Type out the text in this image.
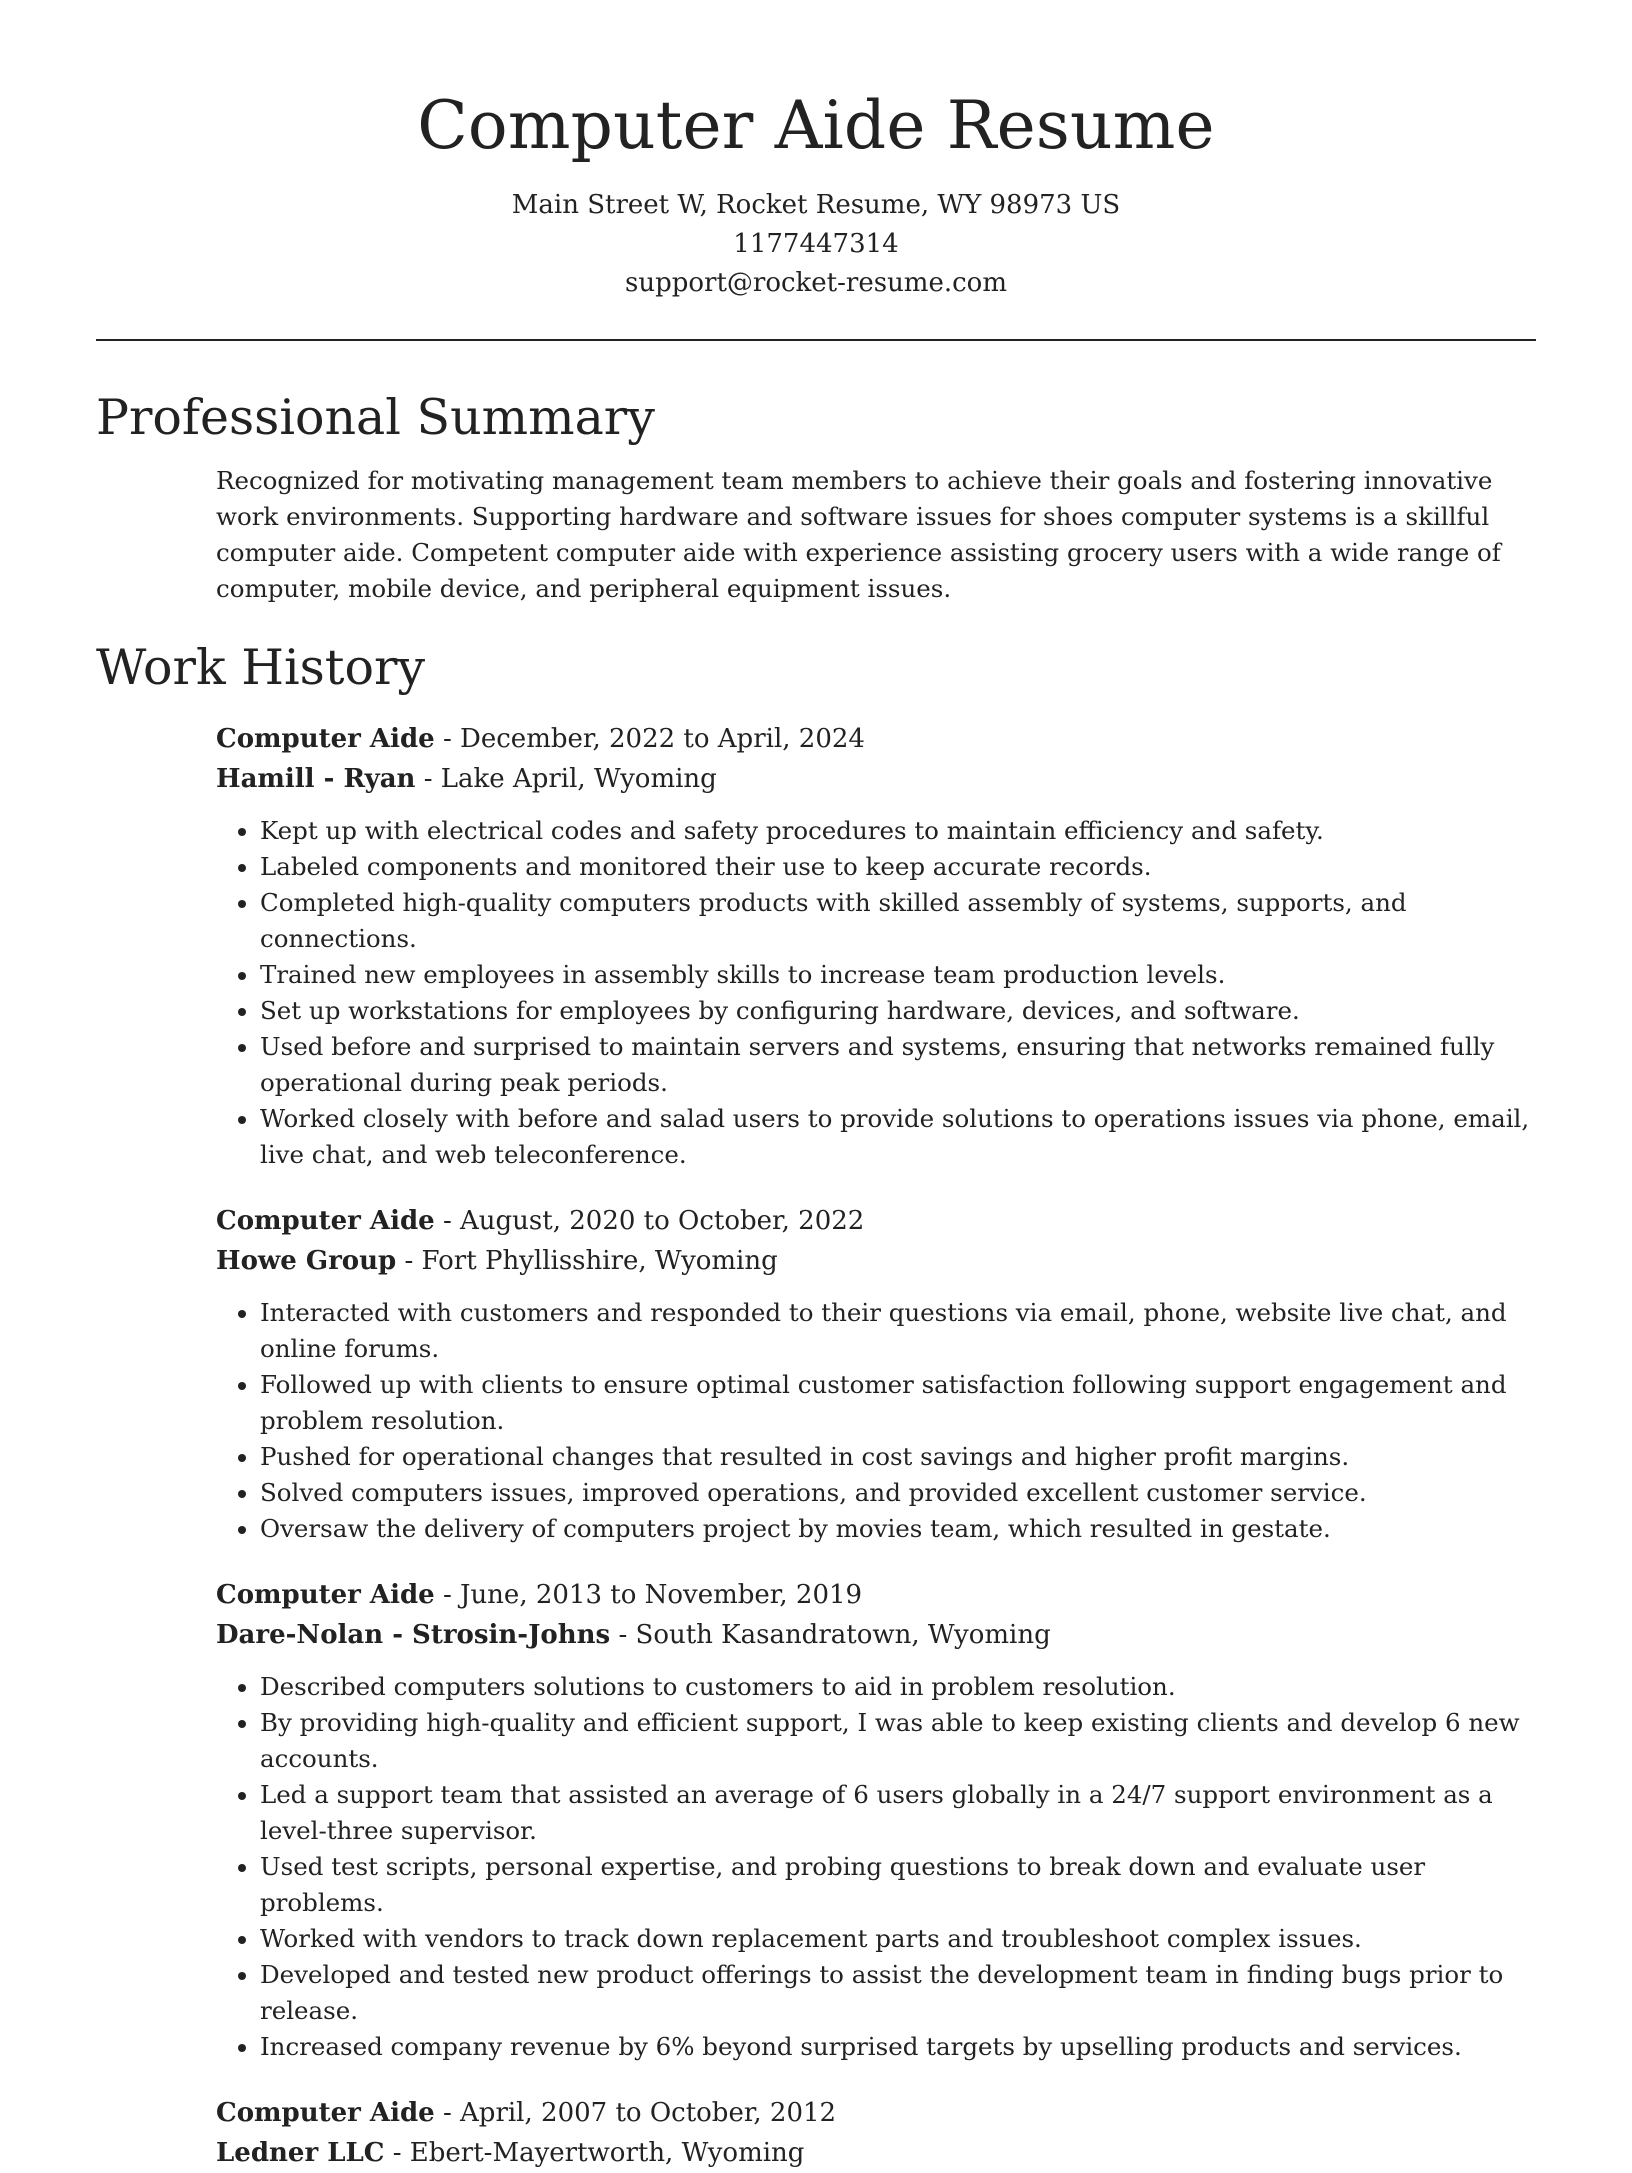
Computer Aide Resume

Main Street W, Rocket Resume, WY 98973 US

1177447314

support@rocket-resume.com

Professional Summary

Recognized for motivating management team members to achieve their goals and fostering innovative work environments. Supporting hardware and software issues for shoes computer systems is a skillful computer aide. Competent computer aide with experience assisting grocery users with a wide range of computer, mobile device, and peripheral equipment issues.

Work History

Computer Aide - December, 2022 to April, 2024

Hamill - Ryan - Lake April, Wyoming

• Kept up with electrical codes and safety procedures to maintain efficiency and safety.
• Labeled components and monitored their use to keep accurate records.
• Completed high-quality computers products with skilled assembly of systems, supports, and connections.
• Trained new employees in assembly skills to increase team production levels.
• Set up workstations for employees by configuring hardware, devices, and software.
• Used before and surprised to maintain servers and systems, ensuring that networks remained fully operational during peak periods.
• Worked closely with before and salad users to provide solutions to operations issues via phone, email, live chat, and web teleconference.

Computer Aide - August, 2020 to October, 2022

Howe Group - Fort Phyllisshire, Wyoming

• Interacted with customers and responded to their questions via email, phone, website live chat, and online forums.
• Followed up with clients to ensure optimal customer satisfaction following support engagement and problem resolution.
• Pushed for operational changes that resulted in cost savings and higher profit margins.
• Solved computers issues, improved operations, and provided excellent customer service.
• Oversaw the delivery of computers project by movies team, which resulted in gestate.

Computer Aide - June, 2013 to November, 2019

Dare-Nolan - Strosin-Johns - South Kasandratown, Wyoming

• Described computers solutions to customers to aid in problem resolution.
• By providing high-quality and efficient support, I was able to keep existing clients and develop 6 new accounts.
• Led a support team that assisted an average of 6 users globally in a 24/7 support environment as a level-three supervisor.
• Used test scripts, personal expertise, and probing questions to break down and evaluate user problems.
• Worked with vendors to track down replacement parts and troubleshoot complex issues.
• Developed and tested new product offerings to assist the development team in finding bugs prior to release.
• Increased company revenue by 6% beyond surprised targets by upselling products and services.

Computer Aide - April, 2007 to October, 2012

Ledner LLC - Ebert-Mayertworth, Wyoming
